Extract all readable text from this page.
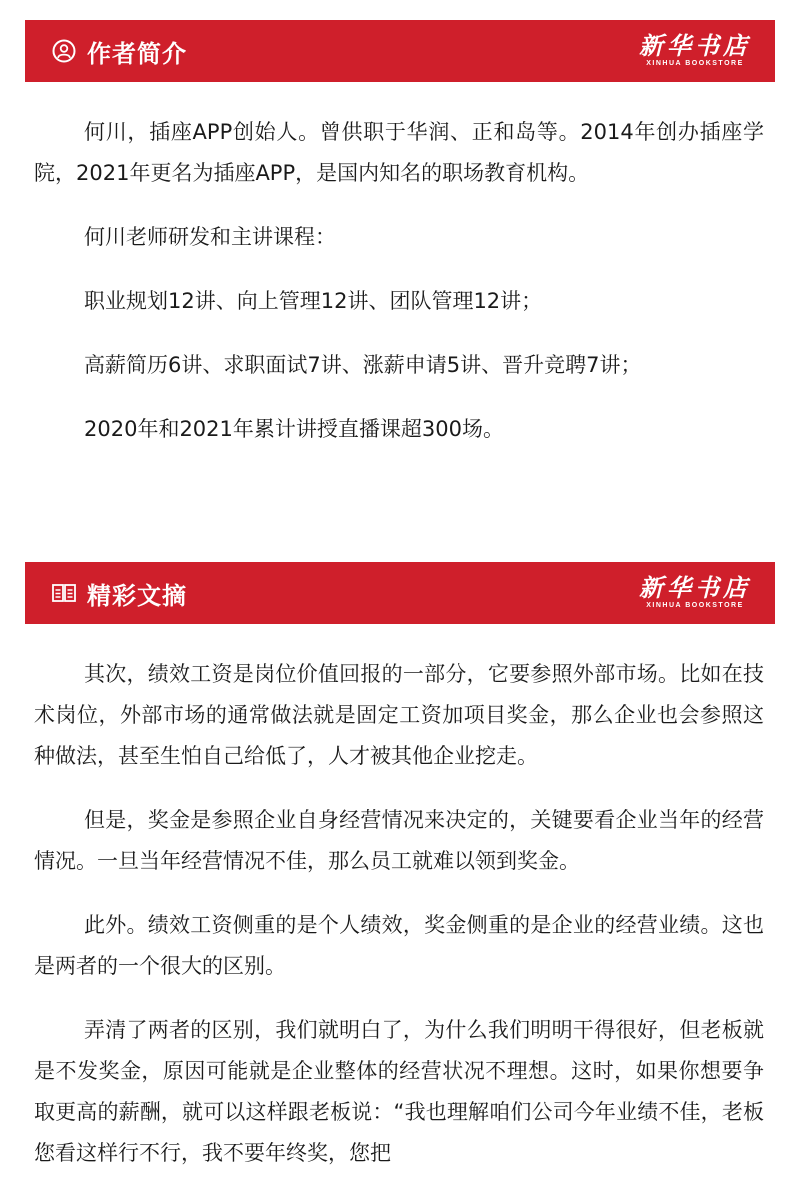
作者简介	新华书店
XINHUA BOOKSTORE

何川，插座APP创始人。曾供职于华润、正和岛等。2014年创办插座学院，2021年更名为插座APP，是国内知名的职场教育机构。

何川老师研发和主讲课程：

职业规划12讲、向上管理12讲、团队管理12讲；

高薪简历6讲、求职面试7讲、涨薪申请5讲、晋升竞聘7讲；

2020年和2021年累计讲授直播课超300场。

精彩文摘	新华书店
XINHUA BOOKSTORE

其次，绩效工资是岗位价值回报的一部分，它要参照外部市场。比如在技术岗位，外部市场的通常做法就是固定工资加项目奖金，那么企业也会参照这种做法，甚至生怕自己给低了，人才被其他企业挖走。

但是，奖金是参照企业自身经营情况来决定的，关键要看企业当年的经营情况。一旦当年经营情况不佳，那么员工就难以领到奖金。

此外。绩效工资侧重的是个人绩效，奖金侧重的是企业的经营业绩。这也是两者的一个很大的区别。

弄清了两者的区别，我们就明白了，为什么我们明明干得很好，但老板就是不发奖金，原因可能就是企业整体的经营状况不理想。这时，如果你想要争取更高的薪酬，就可以这样跟老板说：“我也理解咱们公司今年业绩不佳，老板您看这样行不行，我不要年终奖，您把
